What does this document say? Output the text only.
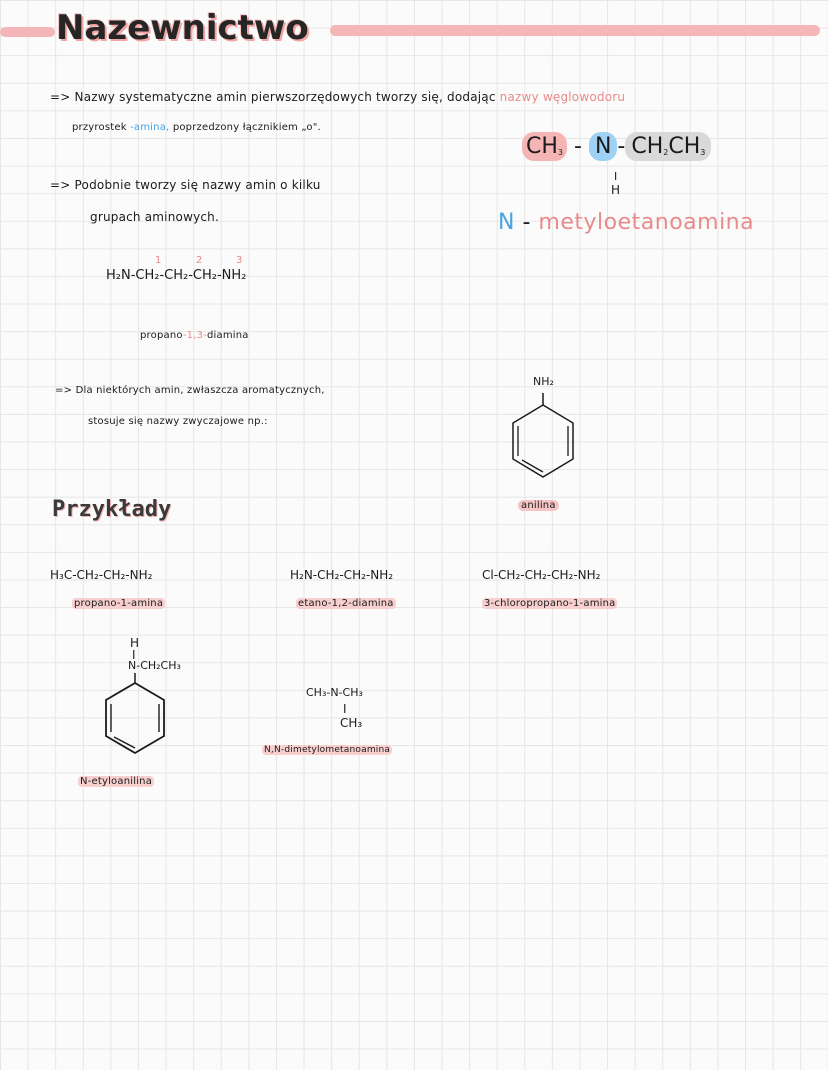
Nazewnictwo
=> Nazwy systematyczne amin pierwszorzędowych tworzy się, dodając nazwy węglowodoru
przyrostek -amina, poprzedzony łącznikiem „o".
$CH_3$ - N - $CH_2CH_3$
I
H
N - metyloetanoamina
=> Podobnie tworzy się nazwy amin o kilku
grupach aminowych.
1	2	3
H₂N-CH₂-CH₂-CH₂-NH₂
propano-1,3-diamina
=> Dla niektórych amin, zwłaszcza aromatycznych,
stosuje się nazwy zwyczajowe np.:
NH₂
anilina
Przykłady
H₃C-CH₂-CH₂-NH₂
propano-1-amina
H₂N-CH₂-CH₂-NH₂
etano-1,2-diamina
Cl-CH₂-CH₂-CH₂-NH₂
3-chloropropano-1-amina
H
I
N-CH₂CH₃
N-etyloanilina
CH₃-N-CH₃
I
CH₃
N,N-dimetylometanoamina
